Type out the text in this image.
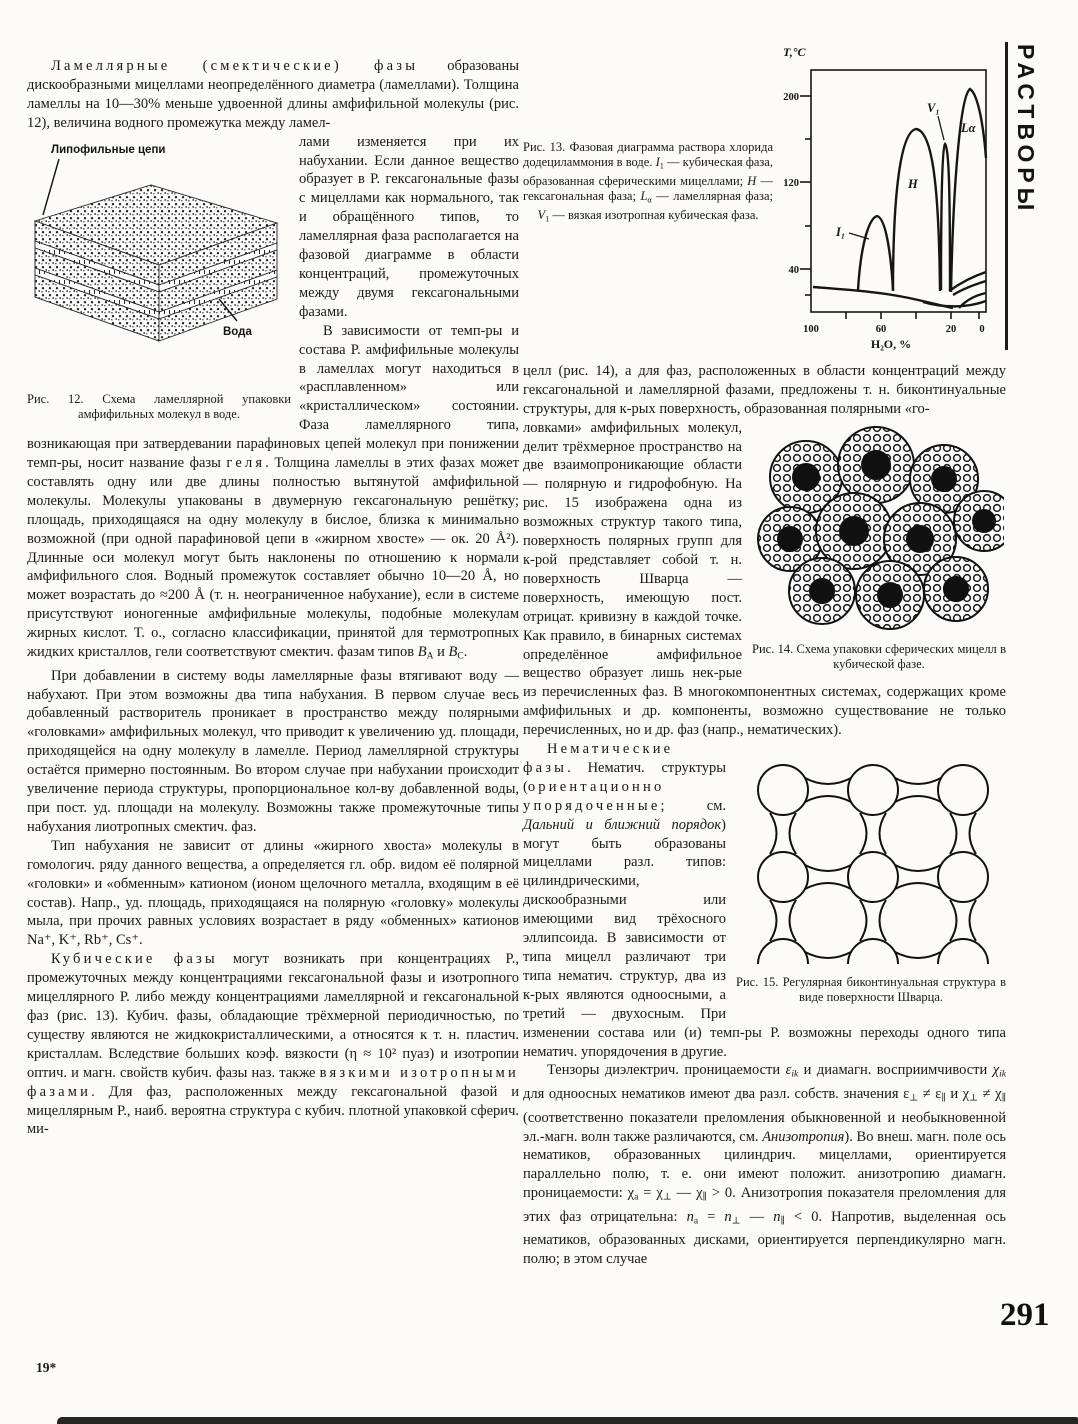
Ламеллярные (смектические) фазы образованы дискообразными мицеллами неопределённого диаметра (ламеллами). Толщина ламеллы на 10—30% меньше удвоенной длины амфифильной молекулы (рис. 12), величина водного промежутка между ламел-

Липофильные цепи
Вода
Рис. 12. Схема ламеллярной упаковки амфифильных молекул в воде.

лами изменяется при их набухании. Если данное вещество образует в Р. гексагональные фазы с мицеллами как нормального, так и обращённого типов, то ламеллярная фаза располагается на фазовой диаграмме в области концентраций, промежуточных между двумя гексагональными фазами.

В зависимости от темп-ры и состава Р. амфифильные молекулы в ламеллах могут находиться в «расплавленном» или «кристаллическом» состоянии. Фаза ламеллярного типа, возникающая при затвердевании парафиновых цепей молекул при понижении темп-ры, носит название фазы геля. Толщина ламеллы в этих фазах может составлять одну или две длины полностью вытянутой амфифильной молекулы. Молекулы упакованы в двумерную гексагональную решётку; площадь, приходящаяся на одну молекулу в бислое, близка к минимально возможной (при одной парафиновой цепи в «жирном хвосте» — ок. 20 Å²). Длинные оси молекул могут быть наклонены по отношению к нормали амфифильного слоя. Водный промежуток составляет обычно 10—20 Å, но может возрастать до ≈200 Å (т. н. неограниченное набухание), если в системе присутствуют ионогенные амфифильные молекулы, подобные молекулам жирных кислот. Т. о., согласно классификации, принятой для термотропных жидких кристаллов, гели соответствуют смектич. фазам типов BA и BC.

При добавлении в систему воды ламеллярные фазы втягивают воду — набухают. При этом возможны два типа набухания. В первом случае весь добавленный растворитель проникает в пространство между полярными «головками» амфифильных молекул, что приводит к увеличению уд. площади, приходящейся на одну молекулу в ламелле. Период ламеллярной структуры остаётся примерно постоянным. Во втором случае при набухании происходит увеличение периода структуры, пропорциональное кол-ву добавленной воды, при пост. уд. площади на молекулу. Возможны также промежуточные типы набухания лиотропных смектич. фаз.

Тип набухания не зависит от длины «жирного хвоста» молекулы в гомологич. ряду данного вещества, а определяется гл. обр. видом её полярной «головки» и «обменным» катионом (ионом щелочного металла, входящим в её состав). Напр., уд. площадь, приходящаяся на полярную «головку» молекулы мыла, при прочих равных условиях возрастает в ряду «обменных» катионов Na⁺, K⁺, Rb⁺, Cs⁺.

Кубические фазы могут возникать при концентрациях Р., промежуточных между концентрациями гексагональной фазы и изотропного мицеллярного Р. либо между концентрациями ламеллярной и гексагональной фаз (рис. 13). Кубич. фазы, обладающие трёхмерной периодичностью, по существу являются не жидкокристаллическими, а относятся к т. н. пластич. кристаллам. Вследствие больших коэф. вязкости (η ≈ 10² пуаз) и изотропии оптич. и магн. свойств кубич. фазы наз. также вязкими изотропными фазами. Для фаз, расположенных между гексагональной фазой и мицеллярным Р., наиб. вероятна структура с кубич. плотной упаковкой сферич. ми-

Т,°С
H₂O, %
200
120
40
100	60	20 0
I₁
H
V₁
Lα
Рис. 13. Фазовая диаграмма раствора хлорида додециламмония в воде. I1 — кубическая фаза, образованная сферическими мицеллами; H — гексагональная фаза; Lα — ламеллярная фаза; V1 — вязкая изотропная кубическая фаза.

целл (рис. 14), а для фаз, расположенных в области концентраций между гексагональной и ламеллярной фазами, предложены т. н. биконтинуальные структуры, для к-рых поверхность, образованная полярными «го-

Рис. 14. Схема упаковки сферических мицелл в кубической фазе.

ловками» амфифильных молекул, делит трёхмерное пространство на две взаимопроникающие области — полярную и гидрофобную. На рис. 15 изображена одна из возможных структур такого типа, поверхность полярных групп для к-рой представляет собой т. н. поверхность Шварца — поверхность, имеющую пост. отрицат. кривизну в каждой точке. Как правило, в бинарных системах определённое амфифильное вещество образует лишь нек-рые из перечисленных фаз. В многокомпонентных системах, содержащих кроме амфифильных и др. компоненты, возможно существование не только перечисленных, но и др. фаз (напр., нематических).

Рис. 15. Регулярная биконтинуальная структура в виде поверхности Шварца.

Нематические фазы. Нематич. структуры (ориентационно упорядоченные; см. Дальний и ближний порядок) могут быть образованы мицеллами разл. типов: цилиндрическими, дискообразными или имеющими вид трёхосного эллипсоида. В зависимости от типа мицелл различают три типа нематич. структур, два из к-рых являются одноосными, а третий — двухосным. При изменении состава или (и) темп-ры Р. возможны переходы одного типа нематич. упорядочения в другие.

Тензоры диэлектрич. проницаемости εik и диамагн. восприимчивости χik для одноосных нематиков имеют два разл. собств. значения ε⊥ ≠ ε∥ и χ⊥ ≠ χ∥ (соответственно показатели преломления обыкновенной и необыкновенной эл.-магн. волн также различаются, см. Анизотропия). Во внеш. магн. поле ось нематиков, образованных цилиндрич. мицеллами, ориентируется параллельно полю, т. е. они имеют положит. анизотропию диамагн. проницаемости: χa = χ⊥ — χ∥ > 0. Анизотропия показателя преломления для этих фаз отрицательна: na = n⊥ — n∥ < 0. Напротив, выделенная ось нематиков, образованных дисками, ориентируется перпендикулярно магн. полю; в этом случае

РАСТВОРЫ
291
19*
